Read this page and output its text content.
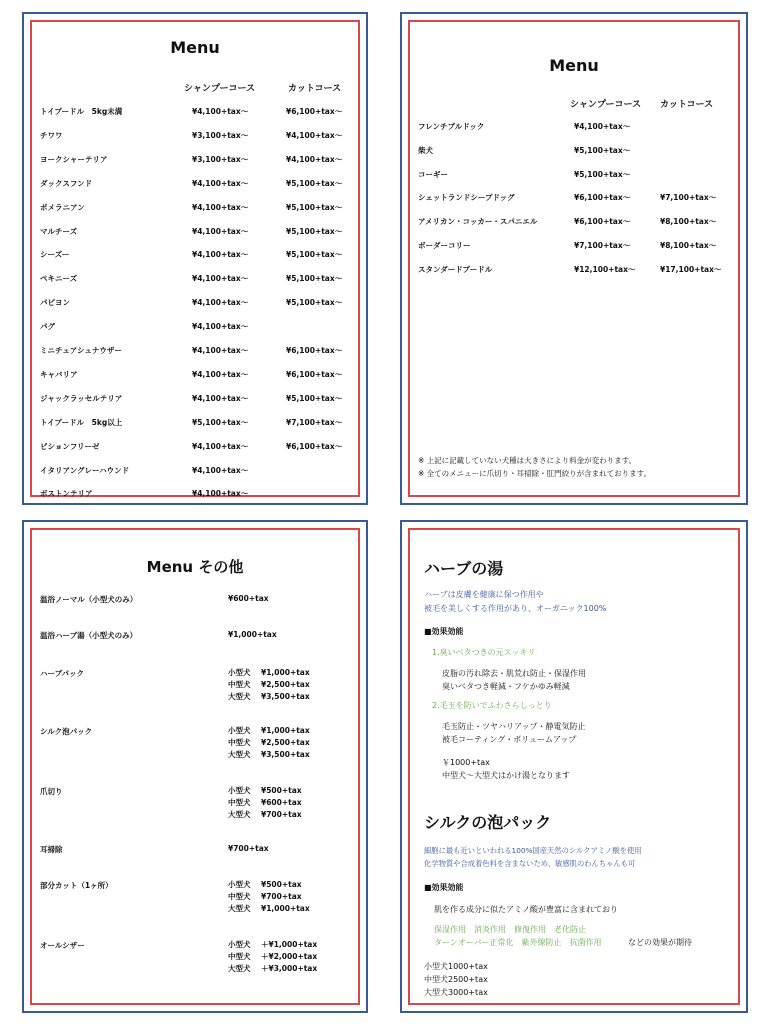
Menu
シャンプーコース	カットコース
トイプードル　5kg未満	¥4,100+tax～	¥6,100+tax～
チワワ	¥3,100+tax～	¥4,100+tax～
ヨークシャーテリア	¥3,100+tax～	¥4,100+tax～
ダックスフンド	¥4,100+tax～	¥5,100+tax～
ポメラニアン	¥4,100+tax～	¥5,100+tax～
マルチーズ	¥4,100+tax～	¥5,100+tax～
シーズー	¥4,100+tax～	¥5,100+tax～
ペキニーズ	¥4,100+tax～	¥5,100+tax～
パピヨン	¥4,100+tax～	¥5,100+tax～
パグ	¥4,100+tax～
ミニチュアシュナウザー	¥4,100+tax～	¥6,100+tax～
キャバリア	¥4,100+tax～	¥6,100+tax～
ジャックラッセルテリア	¥4,100+tax～	¥5,100+tax～
トイプードル　5kg以上	¥5,100+tax～	¥7,100+tax～
ビションフリーゼ	¥4,100+tax～	¥6,100+tax～
イタリアングレーハウンド	¥4,100+tax～
ボストンテリア	¥4,100+tax～
Menu
シャンプーコース カットコース
フレンチブルドック	¥4,100+tax～
柴犬	¥5,100+tax～
コーギー	¥5,100+tax～
シェットランドシープドッグ	¥6,100+tax～	¥7,100+tax～
アメリカン・コッカー・スパニエル	¥6,100+tax～	¥8,100+tax～
ボーダーコリー	¥7,100+tax～	¥8,100+tax～
スタンダードプードル	¥12,100+tax～	¥17,100+tax～
※ 上記に記載していない犬種は大きさにより料金が変わります。
※ 全てのメニューに爪切り・耳掃除・肛門絞りが含まれております。
Menu その他
温浴ノーマル（小型犬のみ）	¥600+tax
温浴ハーブ湯（小型犬のみ）	¥1,000+tax
ハーブパック	小型犬 ¥1,000+tax
中型犬 ¥2,500+tax
大型犬 ¥3,500+tax
シルク泡パック	小型犬 ¥1,000+tax
中型犬 ¥2,500+tax
大型犬 ¥3,500+tax
爪切り	小型犬 ¥500+tax
中型犬 ¥600+tax
大型犬 ¥700+tax
耳掃除	¥700+tax
部分カット（1ヶ所）	小型犬 ¥500+tax
中型犬 ¥700+tax
大型犬 ¥1,000+tax
オールシザー	小型犬 ＋¥1,000+tax
中型犬 ＋¥2,000+tax
大型犬 ＋¥3,000+tax
ハーブの湯
ハーブは皮膚を健康に保つ作用や
被毛を美しくする作用があり、オーガニック100%
■効果効能
1.臭いベタつきの元スッキリ
皮脂の汚れ除去・肌荒れ防止・保湿作用
臭いベタつき軽減・フケかゆみ軽減
2.毛玉を防いでふわさらしっとり
毛玉防止・ツヤハリアップ・静電気防止
被毛コーティング・ボリュームアップ
￥1000+tax
中型犬～大型犬はかけ湯となります
シルクの泡パック
細胞に最も近いといわれる100%国産天然のシルクアミノ酸を使用
化学物質や合成着色料を含まないため、敏感肌のわんちゃんも可
■効果効能
肌を作る成分に似たアミノ酸が豊富に含まれており
保湿作用　消炎作用　修復作用　老化防止
ターンオーバー正常化　紫外線防止　抗菌作用	などの効果が期待
小型犬1000+tax
中型犬2500+tax
大型犬3000+tax
